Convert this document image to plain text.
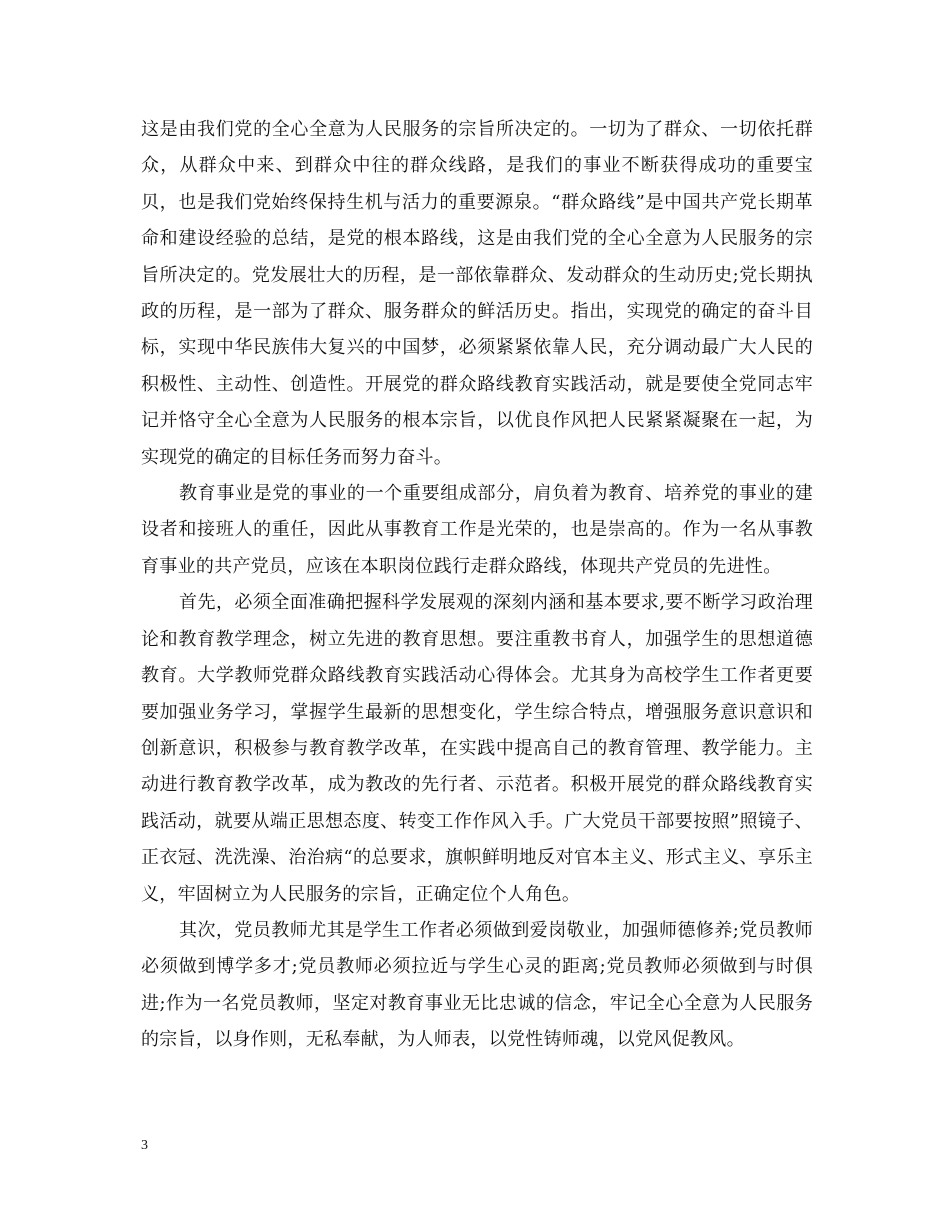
这是由我们党的全心全意为人民服务的宗旨所决定的。一切为了群众、一切依托群众，从群众中来、到群众中往的群众线路，是我们的事业不断获得成功的重要宝贝，也是我们党始终保持生机与活力的重要源泉。“群众路线”是中国共产党长期革命和建设经验的总结，是党的根本路线，这是由我们党的全心全意为人民服务的宗旨所决定的。党发展壮大的历程，是一部依靠群众、发动群众的生动历史;党长期执政的历程，是一部为了群众、服务群众的鲜活历史。指出，实现党的确定的奋斗目标，实现中华民族伟大复兴的中国梦，必须紧紧依靠人民，充分调动最广大人民的积极性、主动性、创造性。开展党的群众路线教育实践活动，就是要使全党同志牢记并恪守全心全意为人民服务的根本宗旨，以优良作风把人民紧紧凝聚在一起，为实现党的确定的目标任务而努力奋斗。

教育事业是党的事业的一个重要组成部分，肩负着为教育、培养党的事业的建设者和接班人的重任，因此从事教育工作是光荣的，也是崇高的。作为一名从事教育事业的共产党员，应该在本职岗位践行走群众路线，体现共产党员的先进性。

首先，必须全面准确把握科学发展观的深刻内涵和基本要求,要不断学习政治理论和教育教学理念，树立先进的教育思想。要注重教书育人，加强学生的思想道德教育。大学教师党群众路线教育实践活动心得体会。尤其身为高校学生工作者更要要加强业务学习，掌握学生最新的思想变化，学生综合特点，增强服务意识意识和创新意识，积极参与教育教学改革，在实践中提高自己的教育管理、教学能力。主动进行教育教学改革，成为教改的先行者、示范者。积极开展党的群众路线教育实践活动，就要从端正思想态度、转变工作作风入手。广大党员干部要按照”照镜子、正衣冠、洗洗澡、治治病“的总要求，旗帜鲜明地反对官本主义、形式主义、享乐主义，牢固树立为人民服务的宗旨，正确定位个人角色。

其次，党员教师尤其是学生工作者必须做到爱岗敬业，加强师德修养;党员教师必须做到博学多才;党员教师必须拉近与学生心灵的距离;党员教师必须做到与时俱进;作为一名党员教师，坚定对教育事业无比忠诚的信念，牢记全心全意为人民服务的宗旨，以身作则，无私奉献，为人师表，以党性铸师魂，以党风促教风。

3
